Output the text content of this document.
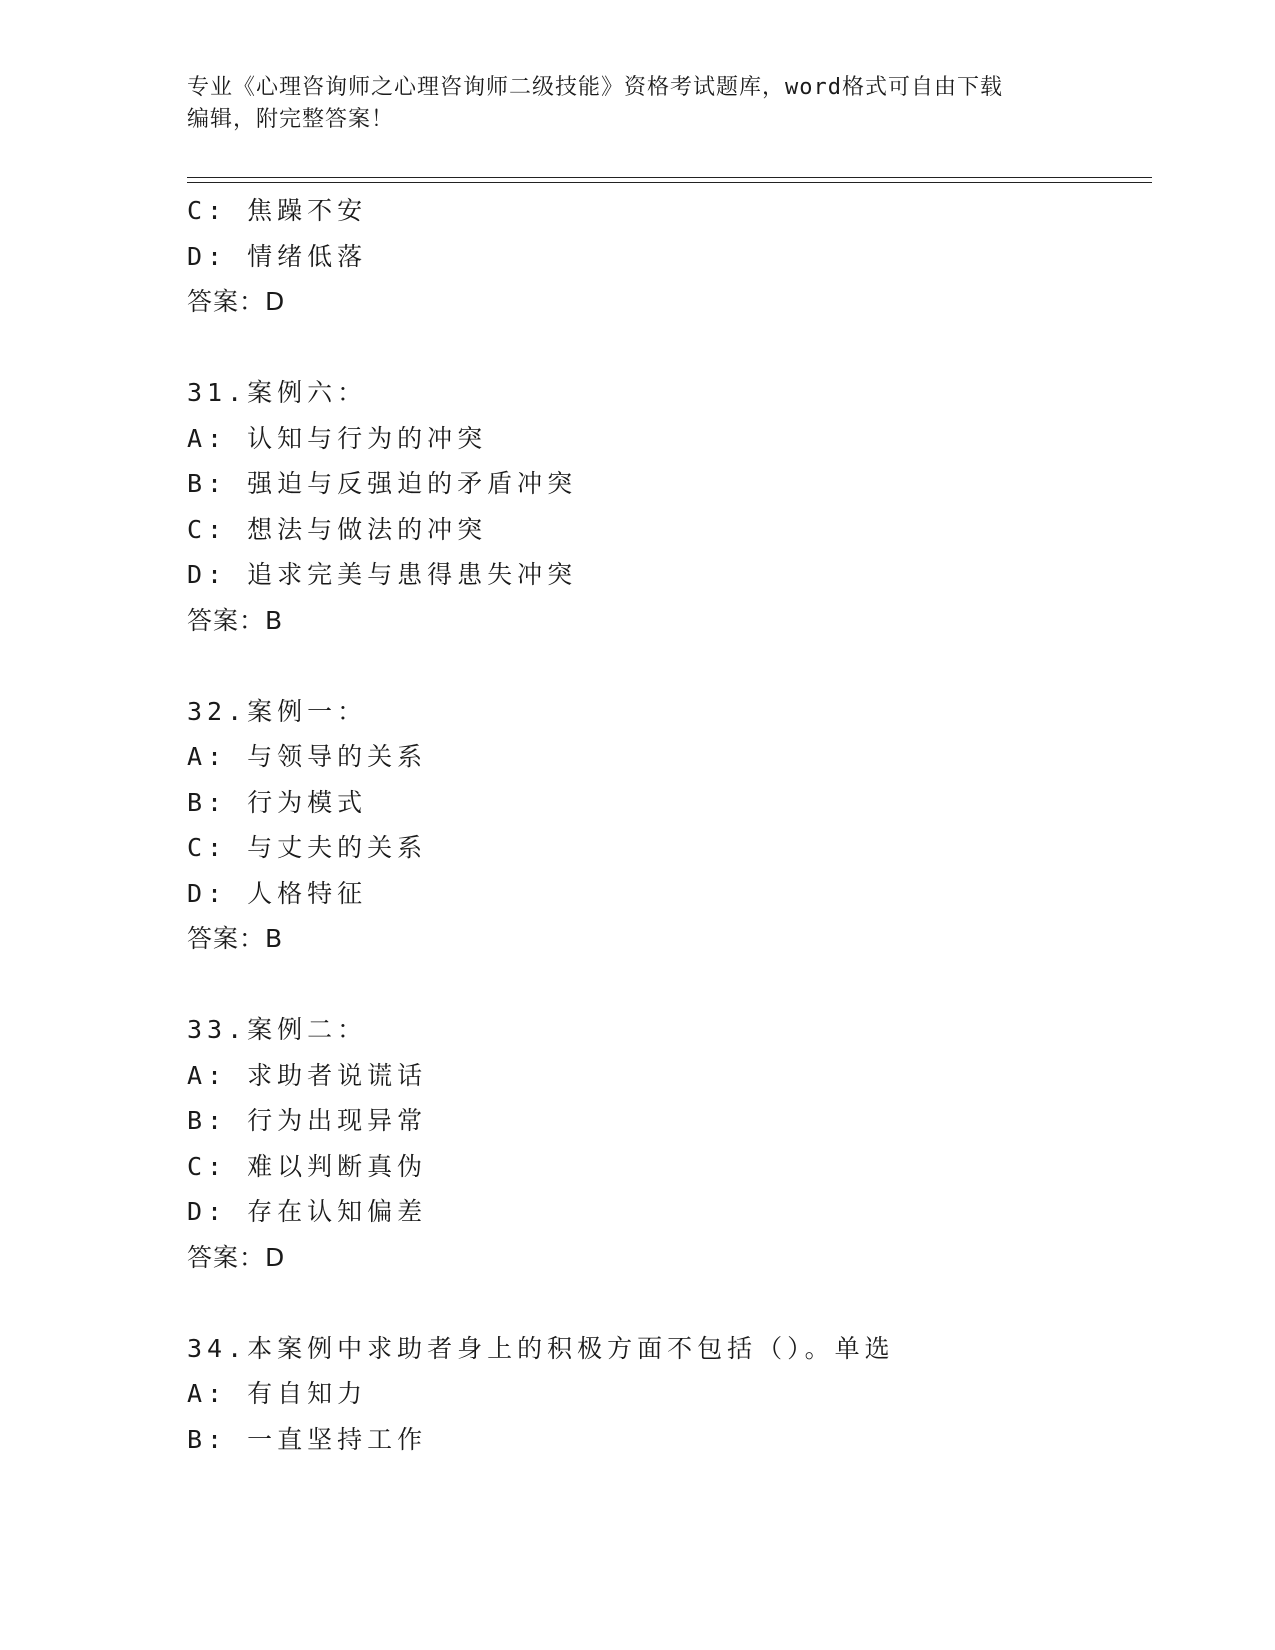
专业《心理咨询师之心理咨询师二级技能》资格考试题库，word格式可自由下载
编辑，附完整答案！
C: 焦躁不安
D: 情绪低落
答案：D
31.案例六：
A: 认知与行为的冲突
B: 强迫与反强迫的矛盾冲突
C: 想法与做法的冲突
D: 追求完美与患得患失冲突
答案：B
32.案例一：
A: 与领导的关系
B: 行为模式
C: 与丈夫的关系
D: 人格特征
答案：B
33.案例二：
A: 求助者说谎话
B: 行为出现异常
C: 难以判断真伪
D: 存在认知偏差
答案：D
34.本案例中求助者身上的积极方面不包括（）。单选
A: 有自知力
B: 一直坚持工作
